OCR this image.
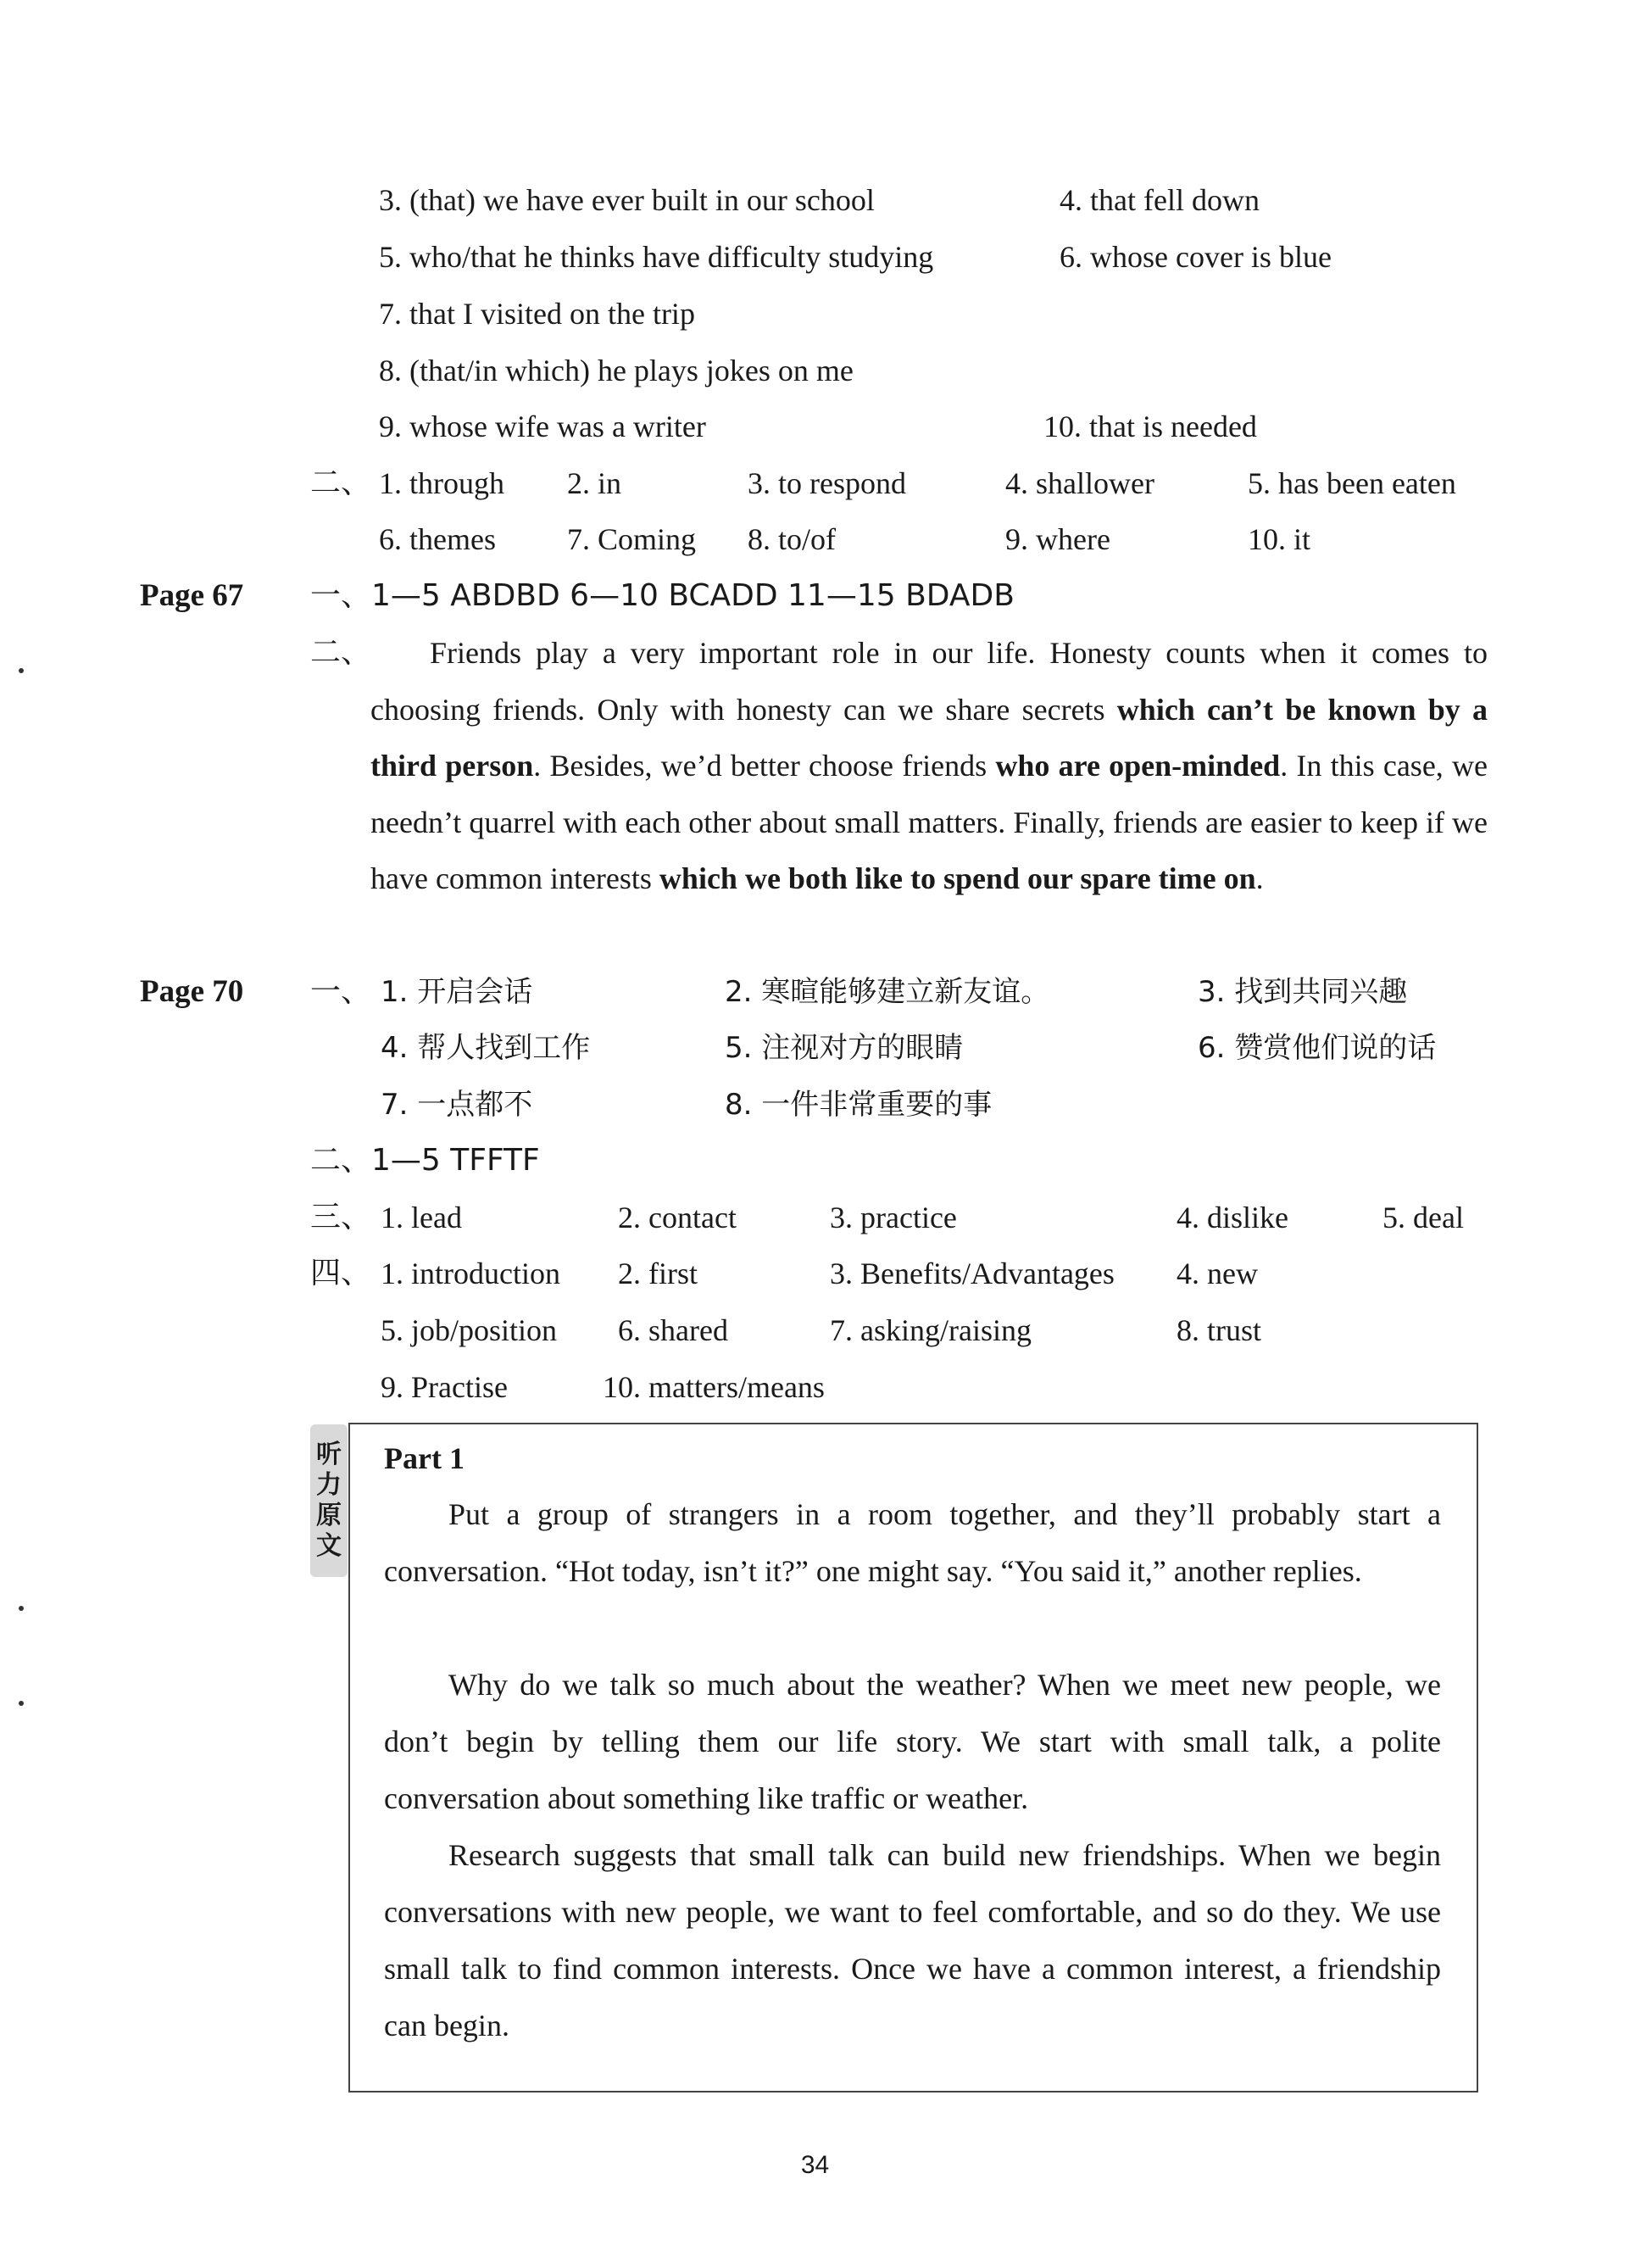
3. (that) we have ever built in our school	4. that fell down
5. who/that he thinks have difficulty studying	6. whose cover is blue
7. that I visited on the trip
8. (that/in which) he plays jokes on me
9. whose wife was a writer	10. that is needed
二、 1. through 2. in	3. to respond	4. shallower	5. has been eaten
6. themes 7. Coming 8. to/of	9. where	10. it
Page 67 一、1—5 ABDBD 6—10 BCADD 11—15 BDADB
二、	Friends play a very important role in our life. Honesty counts when it comes to choosing friends. Only with honesty can we share secrets which can’t be known by a third person. Besides, we’d better choose friends who are open-minded. In this case, we needn’t quarrel with each other about small matters. Finally, friends are easier to keep if we have common interests which we both like to spend our spare time on.
Page 70 一、 1. 开启会话	2. 寒暄能够建立新友谊。	3. 找到共同兴趣
4. 帮人找到工作	5. 注视对方的眼睛	6. 赞赏他们说的话
7. 一点都不	8. 一件非常重要的事
二、1—5 TFFTF
三、 1. lead	2. contact	3. practice	4. dislike	5. deal
四、 1. introduction 2. first	3. Benefits/Advantages 4. new
5. job/position 6. shared	7. asking/raising	8. trust
9. Practise	10. matters/means
听
力
原
文
Part 1
Put a group of strangers in a room together, and they’ll probably start a conversation. “Hot today, isn’t it?” one might say. “You said it,” another replies.
Why do we talk so much about the weather? When we meet new people, we don’t begin by telling them our life story. We start with small talk, a polite conversation about something like traffic or weather.
Research suggests that small talk can build new friendships. When we begin conversations with new people, we want to feel comfortable, and so do they. We use small talk to find common interests. Once we have a common interest, a friendship can begin.
34
